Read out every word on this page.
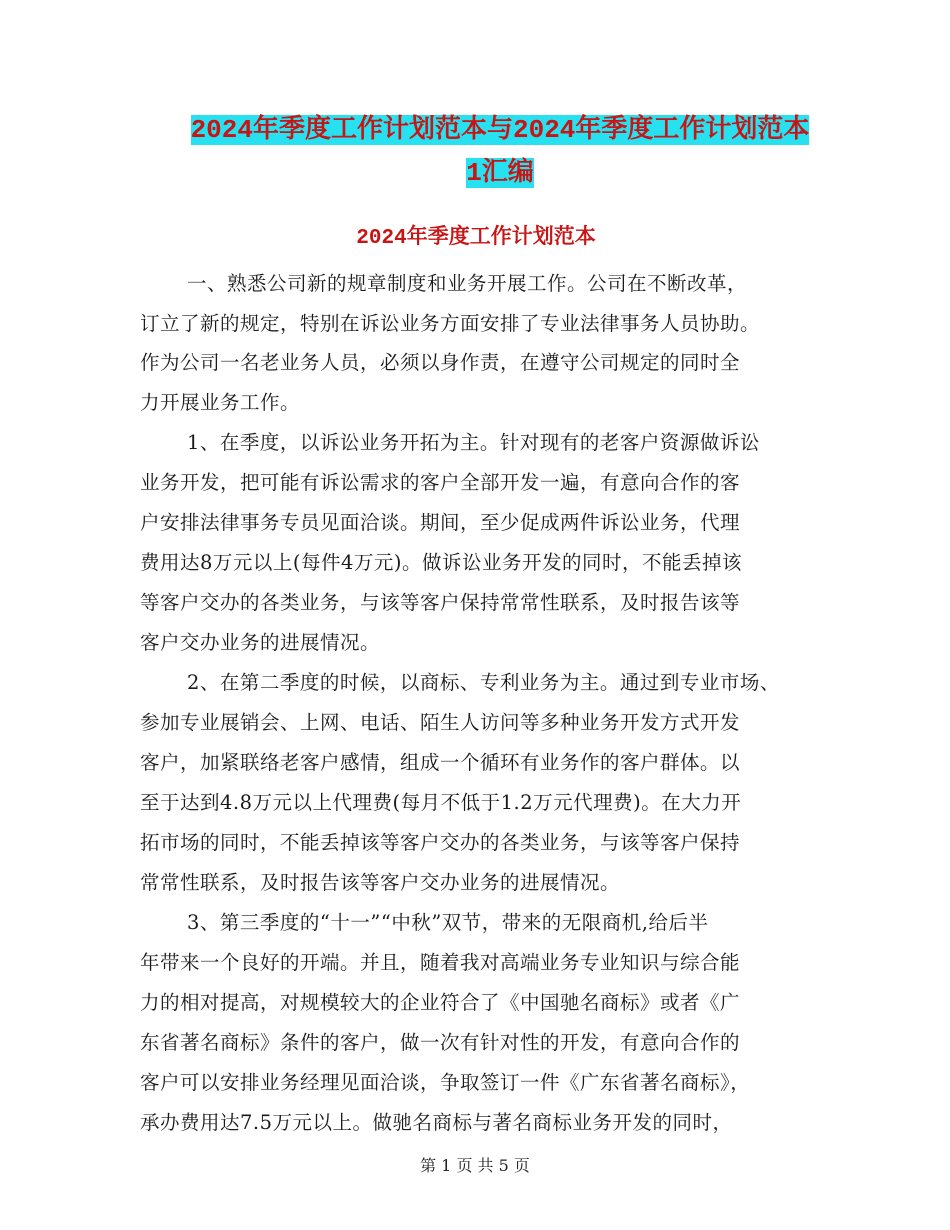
2024年季度工作计划范本与2024年季度工作计划范本
1汇编
2024年季度工作计划范本
一、熟悉公司新的规章制度和业务开展工作。公司在不断改革，
订立了新的规定，特别在诉讼业务方面安排了专业法律事务人员协助。
作为公司一名老业务人员，必须以身作责，在遵守公司规定的同时全
力开展业务工作。
1、在季度，以诉讼业务开拓为主。针对现有的老客户资源做诉讼
业务开发，把可能有诉讼需求的客户全部开发一遍，有意向合作的客
户安排法律事务专员见面洽谈。期间，至少促成两件诉讼业务，代理
费用达8万元以上(每件4万元)。做诉讼业务开发的同时，不能丢掉该
等客户交办的各类业务，与该等客户保持常常性联系，及时报告该等
客户交办业务的进展情况。
2、在第二季度的时候，以商标、专利业务为主。通过到专业市场、
参加专业展销会、上网、电话、陌生人访问等多种业务开发方式开发
客户，加紧联络老客户感情，组成一个循环有业务作的客户群体。以
至于达到4.8万元以上代理费(每月不低于1.2万元代理费)。在大力开
拓市场的同时，不能丢掉该等客户交办的各类业务，与该等客户保持
常常性联系，及时报告该等客户交办业务的进展情况。
3、第三季度的“十一”“中秋”双节，带来的无限商机,给后半
年带来一个良好的开端。并且，随着我对高端业务专业知识与综合能
力的相对提高，对规模较大的企业符合了《中国驰名商标》或者《广
东省著名商标》条件的客户，做一次有针对性的开发，有意向合作的
客户可以安排业务经理见面洽谈，争取签订一件《广东省著名商标》，
承办费用达7.5万元以上。做驰名商标与著名商标业务开发的同时，
第 1 页 共 5 页
